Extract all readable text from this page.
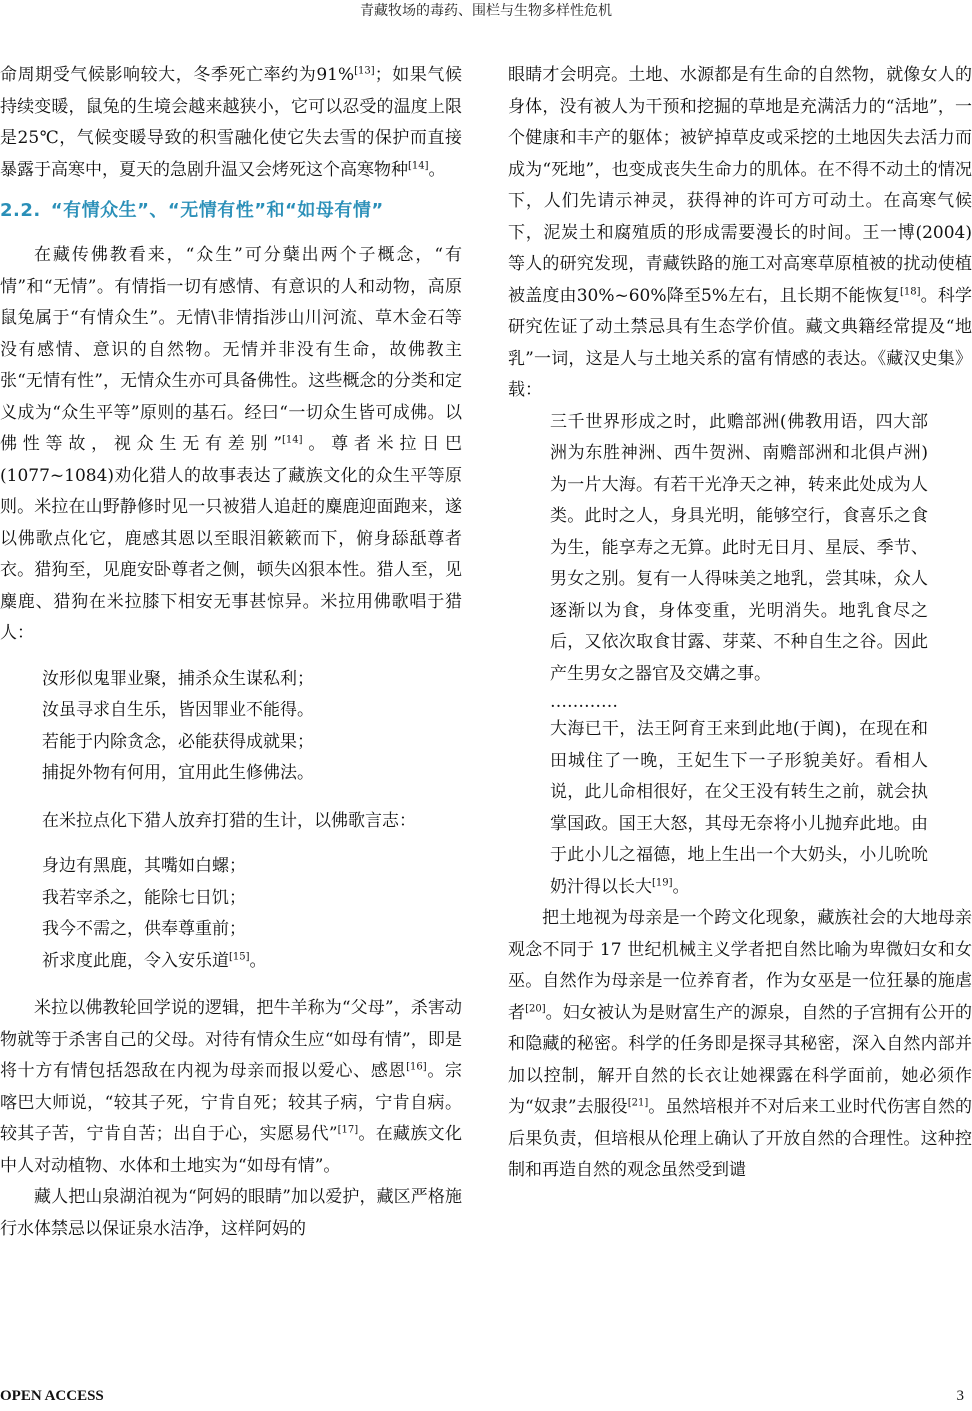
青藏牧场的毒药、围栏与生物多样性危机

命周期受气候影响较大，冬季死亡率约为91%[13]；如果气候持续变暖，鼠兔的生境会越来越狭小，它可以忍受的温度上限是25℃，气候变暖导致的积雪融化使它失去雪的保护而直接暴露于高寒中，夏天的急剧升温又会烤死这个高寒物种[14]。

2.2. “有情众生”、“无情有性”和“如母有情”

在藏传佛教看来，“众生”可分蘖出两个子概念，“有情”和“无情”。有情指一切有感情、有意识的人和动物，高原鼠兔属于“有情众生”。无情\非情指涉山川河流、草木金石等没有感情、意识的自然物。无情并非没有生命，故佛教主张“无情有性”，无情众生亦可具备佛性。这些概念的分类和定义成为“众生平等”原则的基石。经曰“一切众生皆可成佛。以佛性等故，视众生无有差别”[14]。尊者米拉日巴(1077~1084)劝化猎人的故事表达了藏族文化的众生平等原则。米拉在山野静修时见一只被猎人追赶的麋鹿迎面跑来，遂以佛歌点化它，鹿感其恩以至眼泪簌簌而下，俯身舔舐尊者衣。猎狗至，见鹿安卧尊者之侧，顿失凶狠本性。猎人至，见麋鹿、猎狗在米拉膝下相安无事甚惊异。米拉用佛歌唱于猎人：

汝形似鬼罪业聚，捕杀众生谋私利；
汝虽寻求自生乐，皆因罪业不能得。
若能于内除贪念，必能获得成就果；
捕捉外物有何用，宜用此生修佛法。

在米拉点化下猎人放弃打猎的生计，以佛歌言志：

身边有黑鹿，其嘴如白螺；
我若宰杀之，能除七日饥；
我今不需之，供奉尊重前；
祈求度此鹿，令入安乐道[15]。

米拉以佛教轮回学说的逻辑，把牛羊称为“父母”，杀害动物就等于杀害自己的父母。对待有情众生应“如母有情”，即是将十方有情包括怨敌在内视为母亲而报以爱心、感恩[16]。宗喀巴大师说，“较其子死，宁肯自死；较其子病，宁肯自病。较其子苦，宁肯自苦；出自于心，实愿易代”[17]。在藏族文化中人对动植物、水体和土地实为“如母有情”。

藏人把山泉湖泊视为“阿妈的眼睛”加以爱护，藏区严格施行水体禁忌以保证泉水洁净，这样阿妈的

眼睛才会明亮。土地、水源都是有生命的自然物，就像女人的身体，没有被人为干预和挖掘的草地是充满活力的“活地”，一个健康和丰产的躯体；被铲掉草皮或采挖的土地因失去活力而成为“死地”，也变成丧失生命力的肌体。在不得不动土的情况下，人们先请示神灵，获得神的许可方可动土。在高寒气候下，泥炭土和腐殖质的形成需要漫长的时间。王一博(2004)等人的研究发现，青藏铁路的施工对高寒草原植被的扰动使植被盖度由30%~60%降至5%左右，且长期不能恢复[18]。科学研究佐证了动土禁忌具有生态学价值。藏文典籍经常提及“地乳”一词，这是人与土地关系的富有情感的表达。《藏汉史集》载：

三千世界形成之时，此赡部洲(佛教用语，四大部洲为东胜神洲、西牛贺洲、南赡部洲和北俱卢洲)为一片大海。有若干光净天之神，转来此处成为人类。此时之人，身具光明，能够空行，食喜乐之食为生，能享寿之无算。此时无日月、星辰、季节、男女之别。复有一人得味美之地乳，尝其味，众人逐渐以为食，身体变重，光明消失。地乳食尽之后，又依次取食甘露、芽菜、不种自生之谷。因此产生男女之器官及交媾之事。

…………

大海已干，法王阿育王来到此地(于阗)，在现在和田城住了一晚，王妃生下一子形貌美好。看相人说，此儿命相很好，在父王没有转生之前，就会执掌国政。国王大怒，其母无奈将小儿抛弃此地。由于此小儿之福德，地上生出一个大奶头，小儿吮吮奶汁得以长大[19]。

把土地视为母亲是一个跨文化现象，藏族社会的大地母亲观念不同于 17 世纪机械主义学者把自然比喻为卑微妇女和女巫。自然作为母亲是一位养育者，作为女巫是一位狂暴的施虐者[20]。妇女被认为是财富生产的源泉，自然的子宫拥有公开的和隐藏的秘密。科学的任务即是探寻其秘密，深入自然内部并加以控制，解开自然的长衣让她裸露在科学面前，她必须作为“奴隶”去服役[21]。虽然培根并不对后来工业时代伤害自然的后果负责，但培根从伦理上确认了开放自然的合理性。这种控制和再造自然的观念虽然受到谴

OPEN ACCESS	3
